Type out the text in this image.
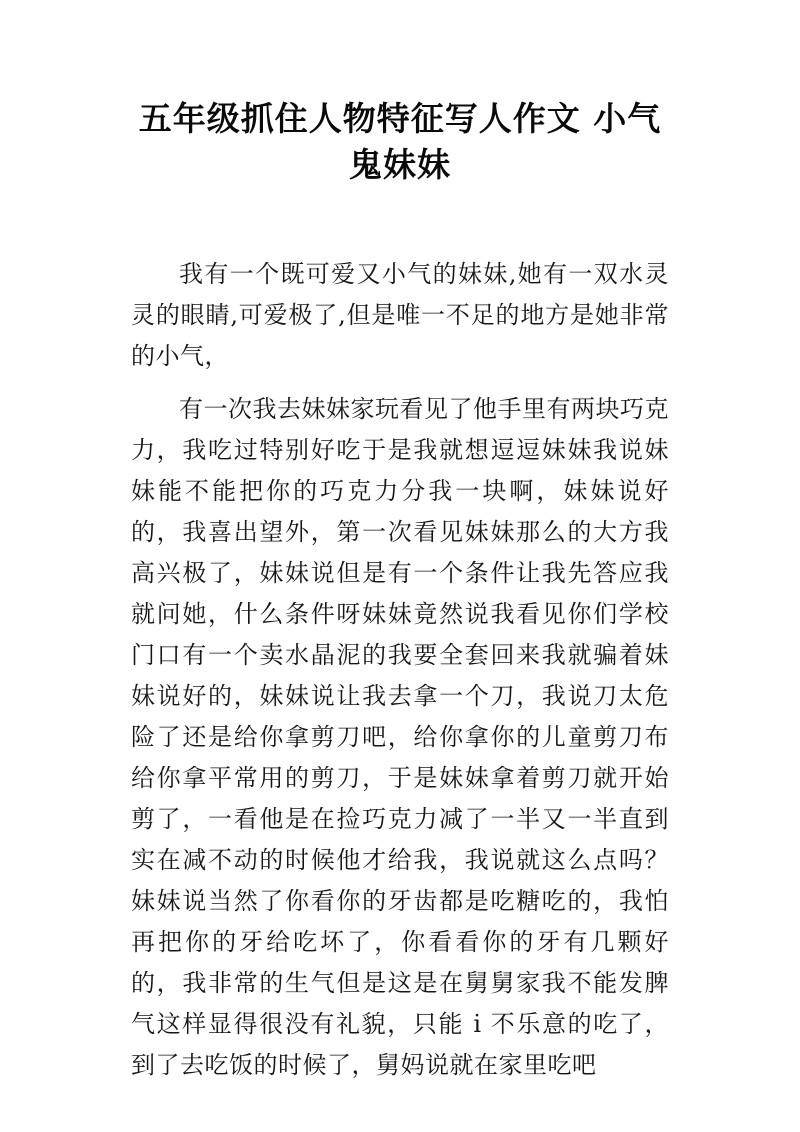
五年级抓住人物特征写人作文 小气鬼妹妹

我有一个既可爱又小气的妹妹,她有一双水灵灵的眼睛,可爱极了,但是唯一不足的地方是她非常的小气，

有一次我去妹妹家玩看见了他手里有两块巧克力，我吃过特别好吃于是我就想逗逗妹妹我说妹妹能不能把你的巧克力分我一块啊，妹妹说好的，我喜出望外，第一次看见妹妹那么的大方我高兴极了，妹妹说但是有一个条件让我先答应我就问她，什么条件呀妹妹竟然说我看见你们学校门口有一个卖水晶泥的我要全套回来我就骗着妹妹说好的，妹妹说让我去拿一个刀，我说刀太危险了还是给你拿剪刀吧，给你拿你的儿童剪刀布给你拿平常用的剪刀，于是妹妹拿着剪刀就开始剪了，一看他是在捡巧克力减了一半又一半直到实在减不动的时候他才给我，我说就这么点吗？妹妹说当然了你看你的牙齿都是吃糖吃的，我怕再把你的牙给吃坏了，你看看你的牙有几颗好的，我非常的生气但是这是在舅舅家我不能发脾气这样显得很没有礼貌，只能 i 不乐意的吃了，到了去吃饭的时候了，舅妈说就在家里吃吧
